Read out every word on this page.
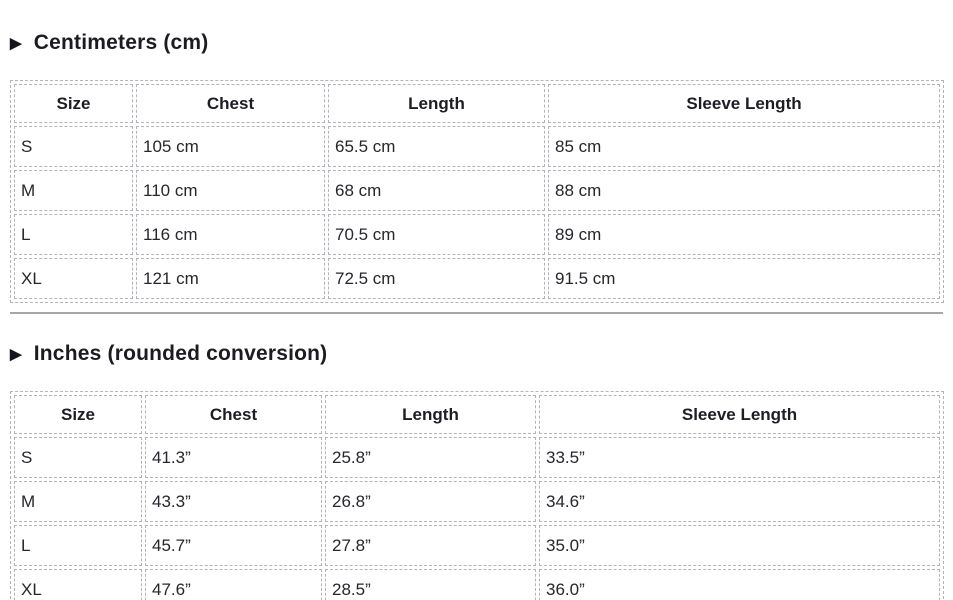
▶ Centimeters (cm)
Size	Chest	Length	Sleeve Length
S	105 cm	65.5 cm	85 cm
M	110 cm	68 cm	88 cm
L	116 cm	70.5 cm	89 cm
XL	121 cm	72.5 cm	91.5 cm
▶ Inches (rounded conversion)
Size	Chest	Length	Sleeve Length
S	41.3”	25.8”	33.5”
M	43.3”	26.8”	34.6”
L	45.7”	27.8”	35.0”
XL	47.6”	28.5”	36.0”
